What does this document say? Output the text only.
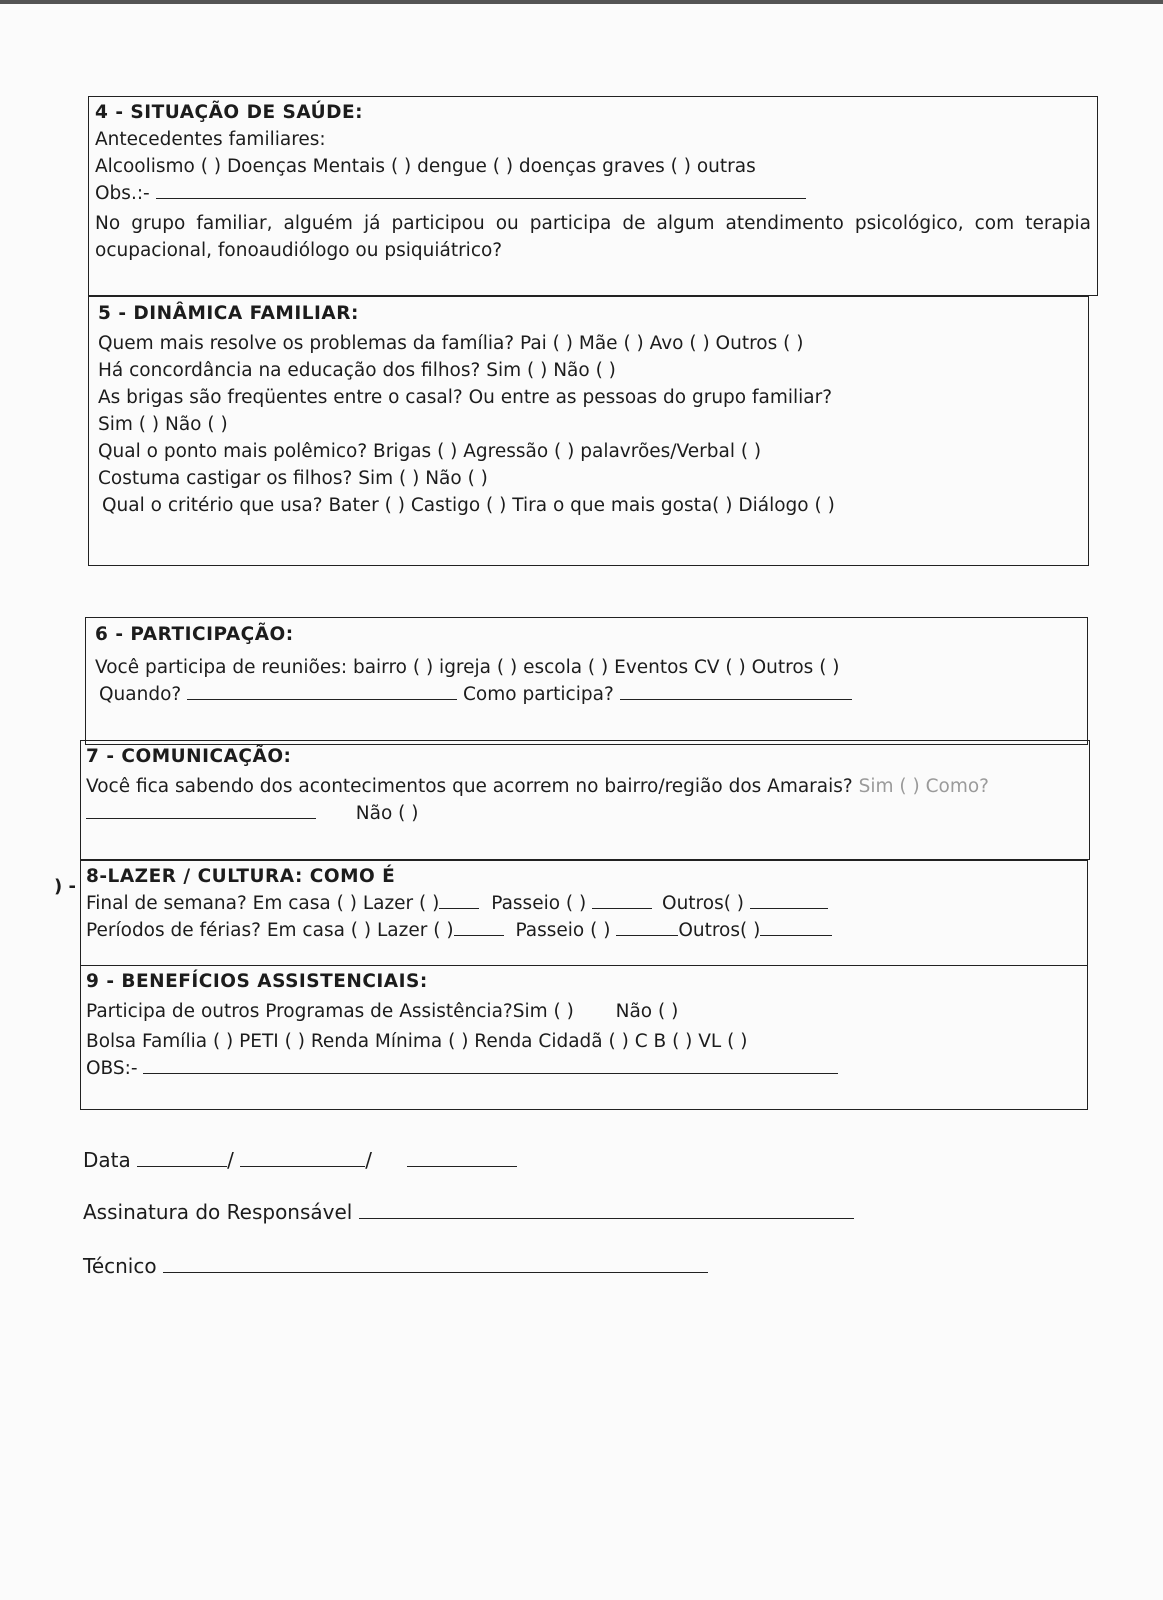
4 - SITUAÇÃO DE SAÚDE:
Antecedentes familiares:
Alcoolismo ( ) Doenças Mentais ( ) dengue ( ) doenças graves ( ) outras
Obs.:-
No grupo familiar, alguém já participou ou participa de algum atendimento psicológico, com terapia ocupacional, fonoaudiólogo ou psiquiátrico?
5 - DINÂMICA FAMILIAR:
Quem mais resolve os problemas da família? Pai ( ) Mãe ( ) Avo ( ) Outros ( )
Há concordância na educação dos filhos? Sim ( ) Não ( )
As brigas são freqüentes entre o casal? Ou entre as pessoas do grupo familiar?
Sim ( ) Não ( )
Qual o ponto mais polêmico? Brigas ( ) Agressão ( ) palavrões/Verbal ( )
Costuma castigar os filhos? Sim ( ) Não ( )
Qual o critério que usa? Bater ( ) Castigo ( ) Tira o que mais gosta( ) Diálogo ( )
6 - PARTICIPAÇÃO:
Você participa de reuniões: bairro ( ) igreja ( ) escola ( ) Eventos CV ( ) Outros ( )
Quando?	Como participa?
7 - COMUNICAÇÃO:
Você fica sabendo dos acontecimentos que acorrem no bairro/região dos Amarais? Sim ( ) Como?
Não ( )
) - 8-LAZER / CULTURA: COMO É
Final de semana? Em casa ( ) Lazer ( )	Passeio ( )	Outros( )
Períodos de férias? Em casa ( ) Lazer ( )	Passeio ( )	Outros( )
9 - BENEFÍCIOS ASSISTENCIAIS:
Participa de outros Programas de Assistência?Sim ( ) Não ( )
Bolsa Família ( ) PETI ( ) Renda Mínima ( ) Renda Cidadã ( ) C B ( ) VL ( )
OBS:-
Data	/	/
Assinatura do Responsável
Técnico
